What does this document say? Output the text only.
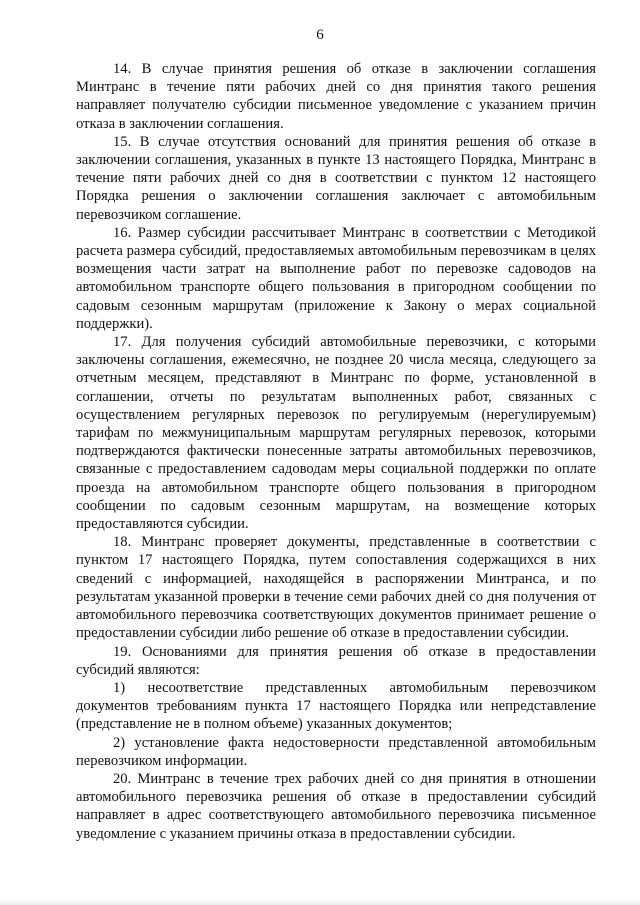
6

14. В случае принятия решения об отказе в заключении соглашения Минтранс в течение пяти рабочих дней со дня принятия такого решения направляет получателю субсидии письменное уведомление с указанием причин отказа в заключении соглашения.

15. В случае отсутствия оснований для принятия решения об отказе в заключении соглашения, указанных в пункте 13 настоящего Порядка, Минтранс в течение пяти рабочих дней со дня в соответствии с пунктом 12 настоящего Порядка решения о заключении соглашения заключает с автомобильным перевозчиком соглашение.

16. Размер субсидии рассчитывает Минтранс в соответствии с Методикой расчета размера субсидий, предоставляемых автомобильным перевозчикам в целях возмещения части затрат на выполнение работ по перевозке садоводов на автомобильном транспорте общего пользования в пригородном сообщении по садовым сезонным маршрутам (приложение к Закону о мерах социальной поддержки).

17. Для получения субсидий автомобильные перевозчики, с которыми заключены соглашения, ежемесячно, не позднее 20 числа месяца, следующего за отчетным месяцем, представляют в Минтранс по форме, установленной в соглашении, отчеты по результатам выполненных работ, связанных с осуществлением регулярных перевозок по регулируемым (нерегулируемым) тарифам по межмуниципальным маршрутам регулярных перевозок, которыми подтверждаются фактически понесенные затраты автомобильных перевозчиков, связанные с предоставлением садоводам меры социальной поддержки по оплате проезда на автомобильном транспорте общего пользования в пригородном сообщении по садовым сезонным маршрутам, на возмещение которых предоставляются субсидии.

18. Минтранс проверяет документы, представленные в соответствии с пунктом 17 настоящего Порядка, путем сопоставления содержащихся в них сведений с информацией, находящейся в распоряжении Минтранса, и по результатам указанной проверки в течение семи рабочих дней со дня получения от автомобильного перевозчика соответствующих документов принимает решение о предоставлении субсидии либо решение об отказе в предоставлении субсидии.

19. Основаниями для принятия решения об отказе в предоставлении субсидий являются:

1) несоответствие представленных автомобильным перевозчиком документов требованиям пункта 17 настоящего Порядка или непредставление (представление не в полном объеме) указанных документов;

2) установление факта недостоверности представленной автомобильным перевозчиком информации.

20. Минтранс в течение трех рабочих дней со дня принятия в отношении автомобильного перевозчика решения об отказе в предоставлении субсидий направляет в адрес соответствующего автомобильного перевозчика письменное уведомление с указанием причины отказа в предоставлении субсидии.
